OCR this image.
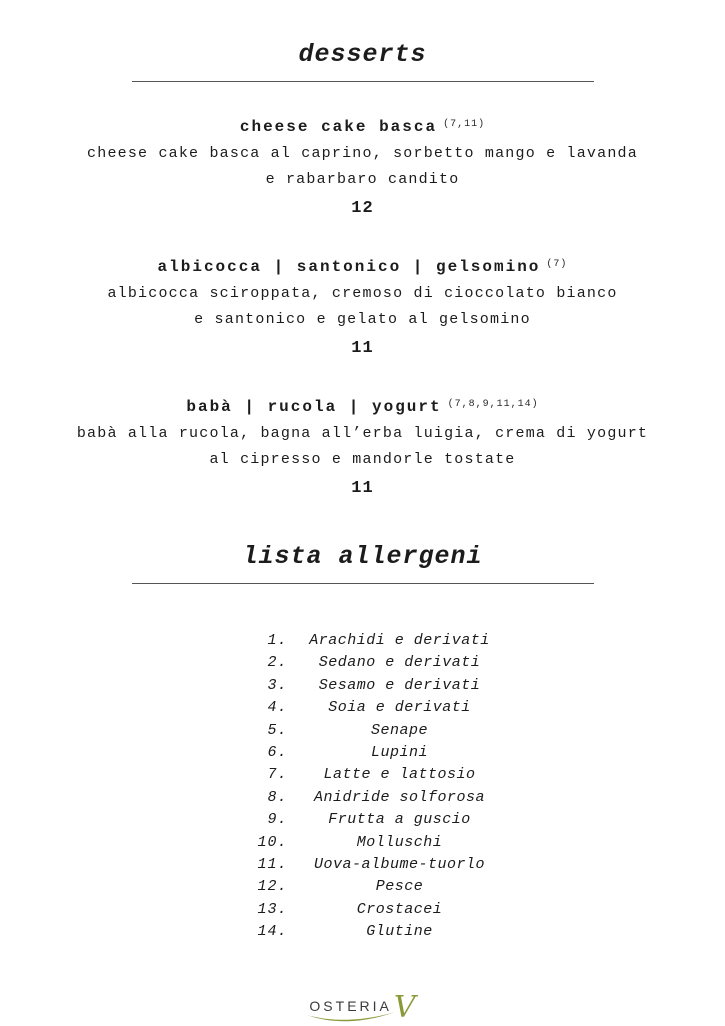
desserts
cheese cake basca $^{(7,11)}$
cheese cake basca al caprino, sorbetto mango e lavanda
e rabarbaro candito
12
albicocca | santonico | gelsomino $^{(7)}$
albicocca sciroppata, cremoso di cioccolato bianco
e santonico e gelato al gelsomino
11
babà | rucola | yogurt $^{(7,8,9,11,14)}$
babà alla rucola, bagna all’erba luigia, crema di yogurt
al cipresso e mandorle tostate
11
lista allergeni
1.	Arachidi e derivati
2.	Sedano e derivati
3.	Sesamo e derivati
4.	Soia e derivati
5.	Senape
6.	Lupini
7.	Latte e lattosio
8.	Anidride solforosa
9.	Frutta a guscio
10.	Molluschi
11.	Uova-albume-tuorlo
12.	Pesce
13.	Crostacei
14.	Glutine
OSTERIA V
